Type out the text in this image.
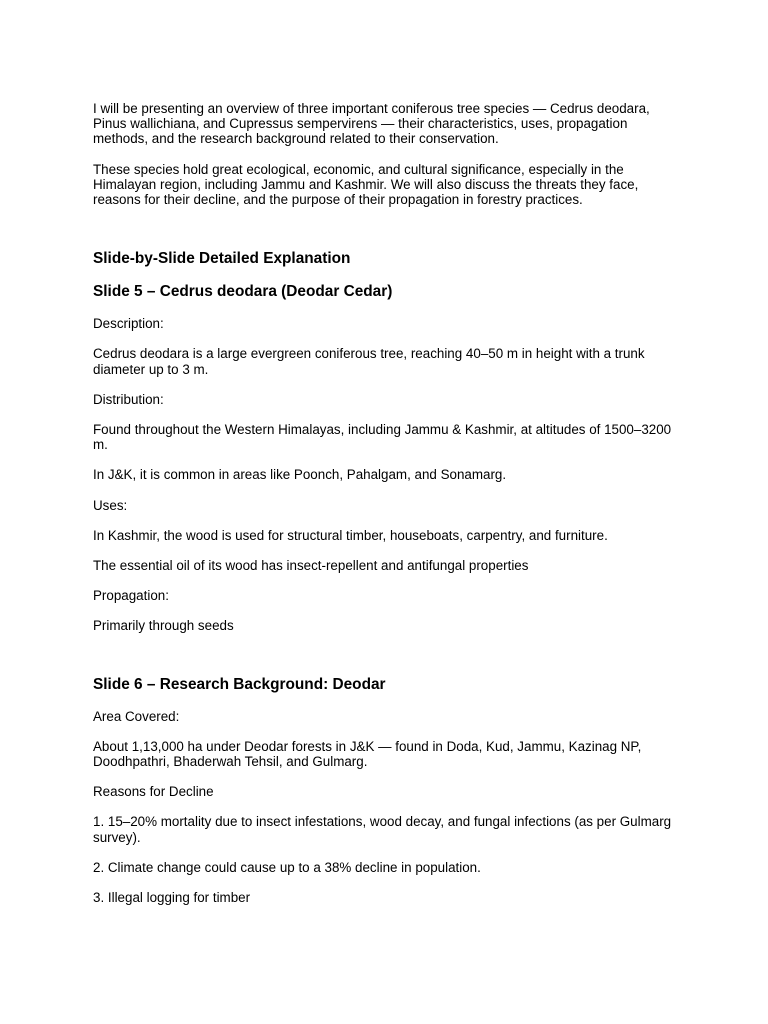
I will be presenting an overview of three important coniferous tree species — Cedrus deodara, Pinus wallichiana, and Cupressus sempervirens — their characteristics, uses, propagation methods, and the research background related to their conservation.

These species hold great ecological, economic, and cultural significance, especially in the Himalayan region, including Jammu and Kashmir. We will also discuss the threats they face, reasons for their decline, and the purpose of their propagation in forestry practices.

Slide-by-Slide Detailed Explanation
Slide 5 – Cedrus deodara (Deodar Cedar)

Description:

Cedrus deodara is a large evergreen coniferous tree, reaching 40–50 m in height with a trunk diameter up to 3 m.

Distribution:

Found throughout the Western Himalayas, including Jammu & Kashmir, at altitudes of 1500–3200 m.

In J&K, it is common in areas like Poonch, Pahalgam, and Sonamarg.

Uses:

In Kashmir, the wood is used for structural timber, houseboats, carpentry, and furniture.

The essential oil of its wood has insect-repellent and antifungal properties

Propagation:

Primarily through seeds

Slide 6 – Research Background: Deodar

Area Covered:

About 1,13,000 ha under Deodar forests in J&K — found in Doda, Kud, Jammu, Kazinag NP, Doodhpathri, Bhaderwah Tehsil, and Gulmarg.

Reasons for Decline

1. 15–20% mortality due to insect infestations, wood decay, and fungal infections (as per Gulmarg survey).

2. Climate change could cause up to a 38% decline in population.

3. Illegal logging for timber
